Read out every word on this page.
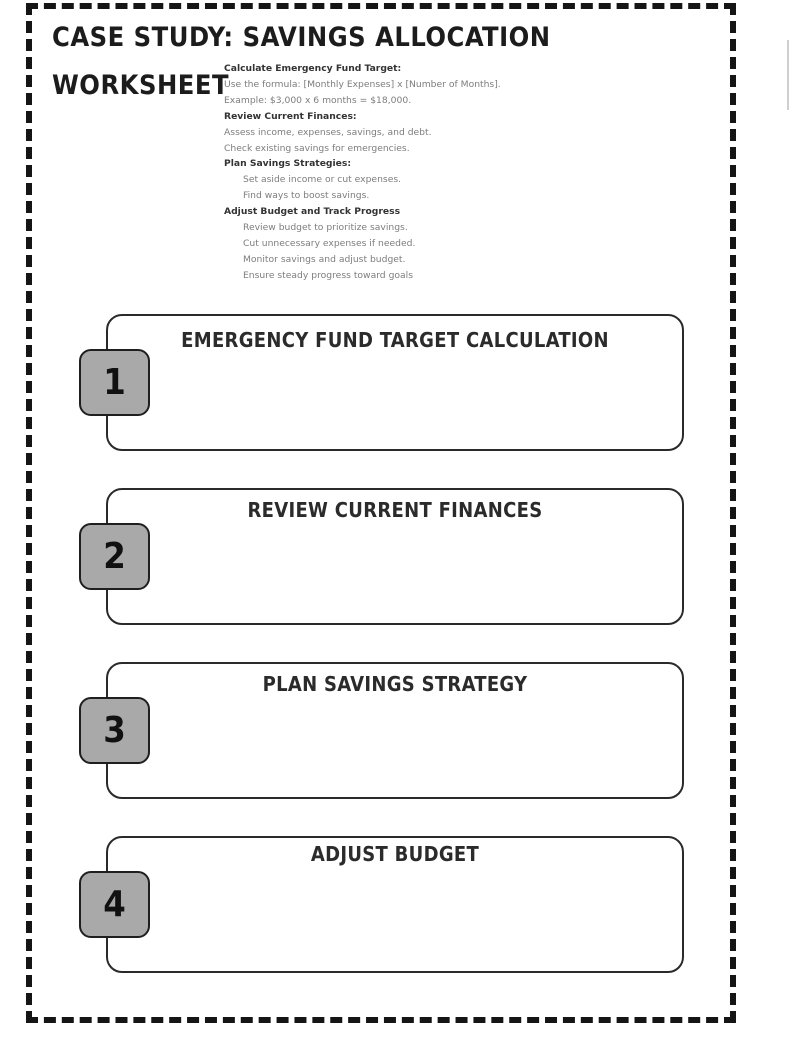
CASE STUDY: SAVINGS ALLOCATION
WORKSHEET
Calculate Emergency Fund Target:
Use the formula: [Monthly Expenses] x [Number of Months].
Example: $3,000 x 6 months = $18,000.
Review Current Finances:
Assess income, expenses, savings, and debt.
Check existing savings for emergencies.
Plan Savings Strategies:
Set aside income or cut expenses.
Find ways to boost savings.
Adjust Budget and Track Progress
Review budget to prioritize savings.
Cut unnecessary expenses if needed.
Monitor savings and adjust budget.
Ensure steady progress toward goals
EMERGENCY FUND TARGET CALCULATION
1
REVIEW CURRENT FINANCES
2
PLAN SAVINGS STRATEGY
3
ADJUST BUDGET
4
